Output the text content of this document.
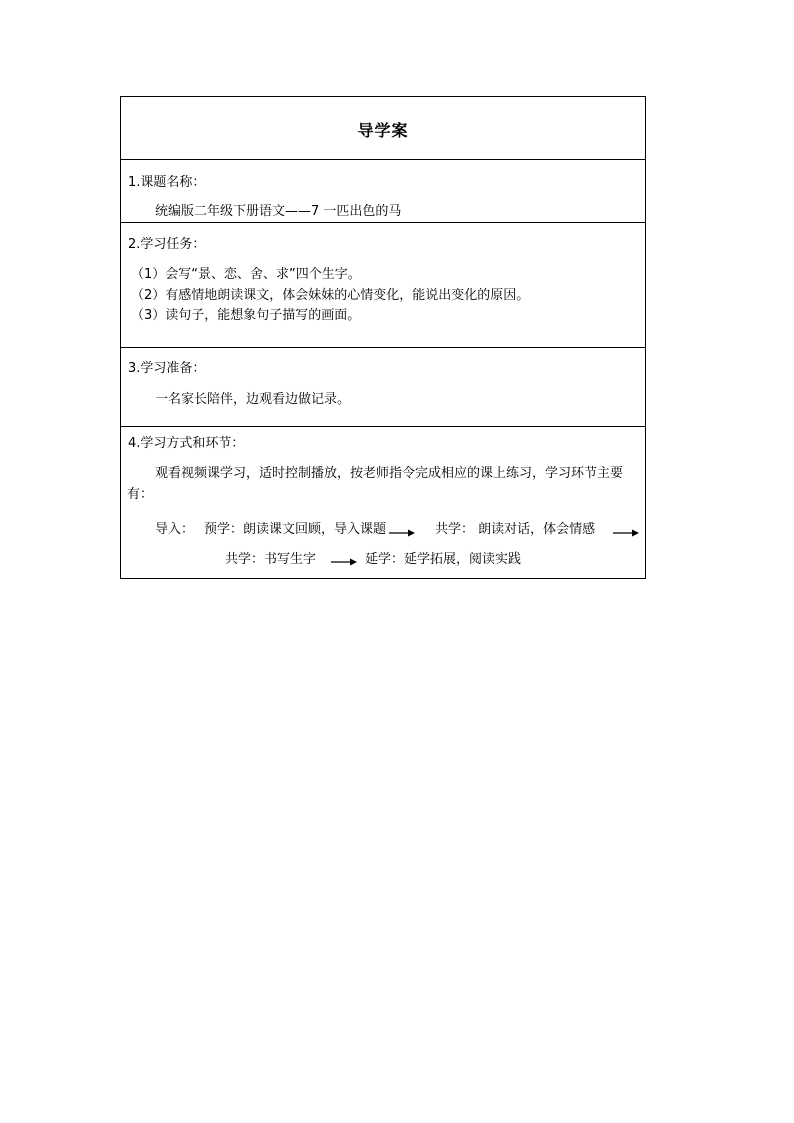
导学案
1.课题名称：
统编版二年级下册语文——7 一匹出色的马
2.学习任务：
（1）会写“景、恋、舍、求”四个生字。
（2）有感情地朗读课文，体会妹妹的心情变化，能说出变化的原因。
（3）读句子，能想象句子描写的画面。
3.学习准备：
一名家长陪伴，边观看边做记录。
4.学习方式和环节：
观看视频课学习，适时控制播放，按老师指令完成相应的课上练习，学习环节主要有：
导入： 预学：朗读课文回顾，导入课题	共学： 朗读对话，体会情感
共学：书写生字	延学：延学拓展，阅读实践
